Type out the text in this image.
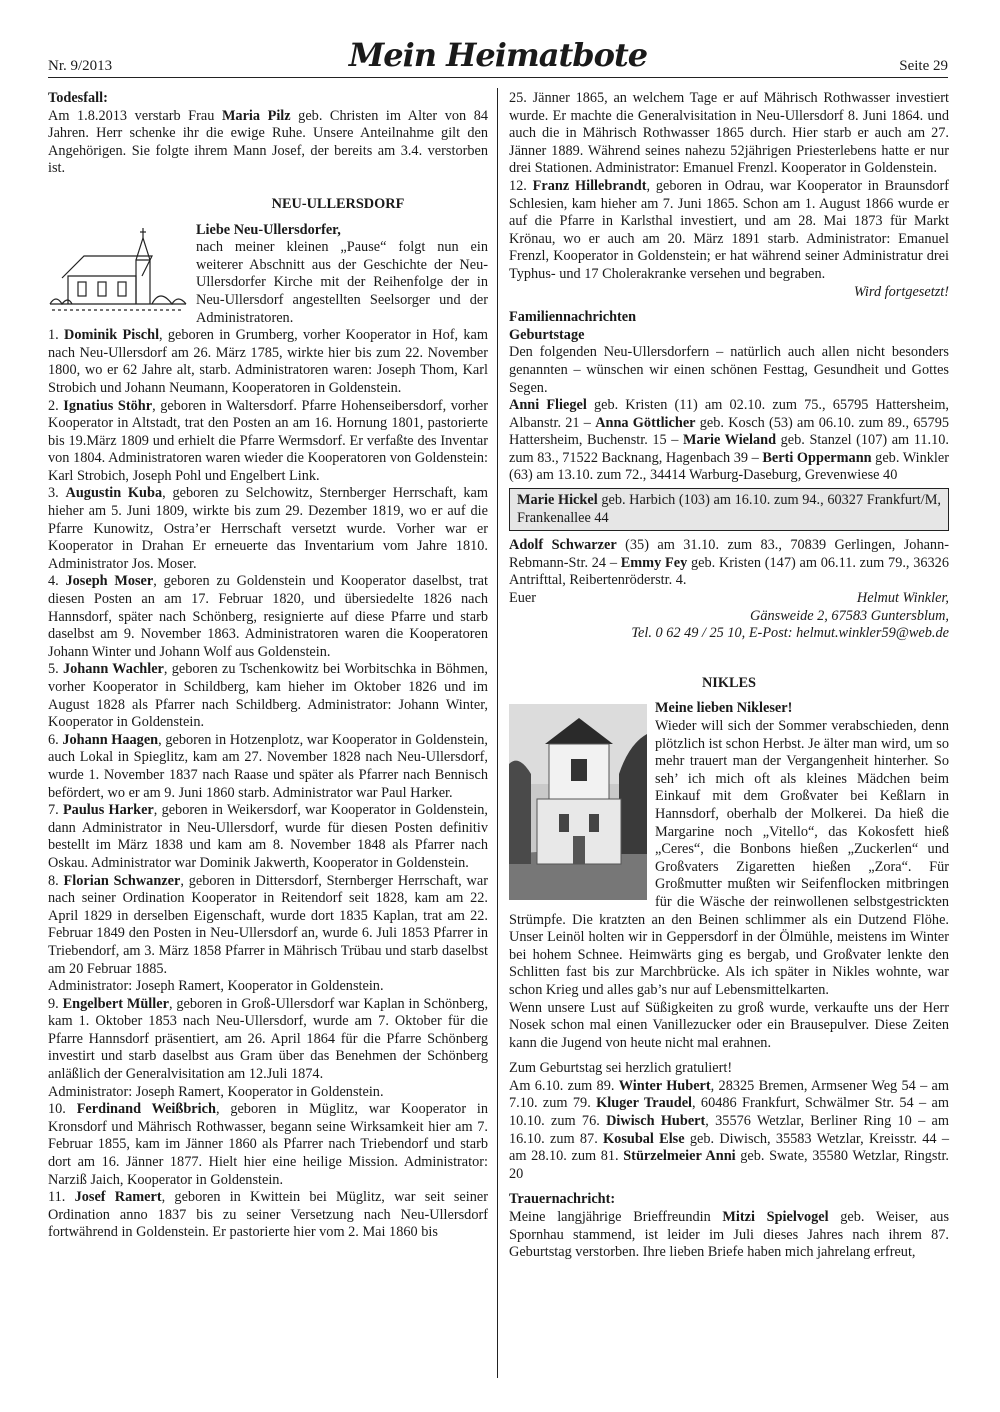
Nr. 9/2013	Mein Heimatbote	Seite 29

Todesfall:

Am 1.8.2013 verstarb Frau Maria Pilz geb. Christen im Alter von 84 Jahren. Herr schenke ihr die ewige Ruhe. Unsere Anteilnahme gilt den Angehörigen. Sie folgte ihrem Mann Josef, der bereits am 3.4. verstorben ist.

NEU-ULLERSDORF

Liebe Neu-Ullersdorfer,

nach meiner kleinen „Pause“ folgt nun ein weiterer Abschnitt aus der Geschichte der Neu-Ullersdorfer Kirche mit der Reihenfolge der in Neu-Ullersdorf angestellten Seelsorger und der Administratoren.

1. Dominik Pischl, geboren in Grumberg, vorher Kooperator in Hof, kam nach Neu-Ullersdorf am 26. März 1785, wirkte hier bis zum 22. November 1800, wo er 62 Jahre alt, starb. Administratoren waren: Joseph Thom, Karl Strobich und Johann Neumann, Kooperatoren in Goldenstein.

2. Ignatius Stöhr, geboren in Waltersdorf. Pfarre Hohenseibersdorf, vorher Kooperator in Altstadt, trat den Posten an am 16. Hornung 1801, pastorierte bis 19.März 1809 und erhielt die Pfarre Wermsdorf. Er verfaßte des Inventar von 1804. Administratoren waren wieder die Kooperatoren von Goldenstein: Karl Strobich, Joseph Pohl und Engelbert Link.

3. Augustin Kuba, geboren zu Selchowitz, Sternberger Herrschaft, kam hieher am 5. Juni 1809, wirkte bis zum 29. Dezember 1819, wo er auf die Pfarre Kunowitz, Ostra’er Herrschaft versetzt wurde. Vorher war er Kooperator in Drahan Er erneuerte das Inventarium vom Jahre 1810. Administrator Jos. Moser.

4. Joseph Moser, geboren zu Goldenstein und Kooperator daselbst, trat diesen Posten an am 17. Februar 1820, und übersiedelte 1826 nach Hannsdorf, später nach Schönberg, resignierte auf diese Pfarre und starb daselbst am 9. November 1863. Administratoren waren die Kooperatoren Johann Winter und Johann Wolf aus Goldenstein.

5. Johann Wachler, geboren zu Tschenkowitz bei Worbitschka in Böhmen, vorher Kooperator in Schildberg, kam hieher im Oktober 1826 und im August 1828 als Pfarrer nach Schildberg. Administrator: Johann Winter, Kooperator in Goldenstein.

6. Johann Haagen, geboren in Hotzenplotz, war Kooperator in Goldenstein, auch Lokal in Spieglitz, kam am 27. November 1828 nach Neu-Ullersdorf, wurde 1. November 1837 nach Raase und später als Pfarrer nach Bennisch befördert, wo er am 9. Juni 1860 starb. Administrator war Paul Harker.

7. Paulus Harker, geboren in Weikersdorf, war Kooperator in Goldenstein, dann Administrator in Neu-Ullersdorf, wurde für diesen Posten definitiv bestellt im März 1838 und kam am 8. November 1848 als Pfarrer nach Oskau. Administrator war Dominik Jakwerth, Kooperator in Goldenstein.

8. Florian Schwanzer, geboren in Dittersdorf, Sternberger Herrschaft, war nach seiner Ordination Kooperator in Reitendorf seit 1828, kam am 22. April 1829 in derselben Eigenschaft, wurde dort 1835 Kaplan, trat am 22. Februar 1849 den Posten in Neu-Ullersdorf an, wurde 6. Juli 1853 Pfarrer in Triebendorf, am 3. März 1858 Pfarrer in Mährisch Trübau und starb daselbst am 20 Februar 1885.

Administrator: Joseph Ramert, Kooperator in Goldenstein.

9. Engelbert Müller, geboren in Groß-Ullersdorf war Kaplan in Schönberg, kam 1. Oktober 1853 nach Neu-Ullersdorf, wurde am 7. Oktober für die Pfarre Hannsdorf präsentiert, am 26. April 1864 für die Pfarre Schönberg investirt und starb daselbst aus Gram über das Benehmen der Schönberg anläßlich der Generalvisitation am 12.Juli 1874.

Administrator: Joseph Ramert, Kooperator in Goldenstein.

10. Ferdinand Weißbrich, geboren in Müglitz, war Kooperator in Kronsdorf und Mährisch Rothwasser, begann seine Wirksamkeit hier am 7. Februar 1855, kam im Jänner 1860 als Pfarrer nach Triebendorf und starb dort am 16. Jänner 1877. Hielt hier eine heilige Mission. Administrator: Narziß Jaich, Kooperator in Goldenstein.

11. Josef Ramert, geboren in Kwittein bei Müglitz, war seit seiner Ordination anno 1837 bis zu seiner Versetzung nach Neu-Ullersdorf fortwährend in Goldenstein. Er pastorierte hier vom 2. Mai 1860 bis

25. Jänner 1865, an welchem Tage er auf Mährisch Rothwasser investiert wurde. Er machte die Generalvisitation in Neu-Ullersdorf 8. Juni 1864. und auch die in Mährisch Rothwasser 1865 durch. Hier starb er auch am 27. Jänner 1889. Während seines nahezu 52jährigen Priesterlebens hatte er nur drei Stationen. Administrator: Emanuel Frenzl. Kooperator in Goldenstein.

12. Franz Hillebrandt, geboren in Odrau, war Kooperator in Braunsdorf Schlesien, kam hieher am 7. Juni 1865. Schon am 1. August 1866 wurde er auf die Pfarre in Karlsthal investiert, und am 28. Mai 1873 für Markt Krönau, wo er auch am 20. März 1891 starb. Administrator: Emanuel Frenzl, Kooperator in Goldenstein; er hat während seiner Administratur drei Typhus- und 17 Cholerakranke versehen und begraben.

Wird fortgesetzt!

Familiennachrichten

Geburtstage

Den folgenden Neu-Ullersdorfern – natürlich auch allen nicht besonders genannten – wünschen wir einen schönen Festtag, Gesundheit und Gottes Segen.

Anni Fliegel geb. Kristen (11) am 02.10. zum 75., 65795 Hattersheim, Albanstr. 21 – Anna Göttlicher geb. Kosch (53) am 06.10. zum 89., 65795 Hattersheim, Buchenstr. 15 – Marie Wieland geb. Stanzel (107) am 11.10. zum 83., 71522 Backnang, Hagenbach 39 – Berti Oppermann geb. Winkler (63) am 13.10. zum 72., 34414 Warburg-Daseburg, Grevenwiese 40

Marie Hickel geb. Harbich (103) am 16.10. zum 94., 60327 Frankfurt/M, Frankenallee 44

Adolf Schwarzer (35) am 31.10. zum 83., 70839 Gerlingen, Johann-Rebmann-Str. 24 – Emmy Fey geb. Kristen (147) am 06.11. zum 79., 36326 Antrifttal, Reibertenröderstr. 4.

Euer	Helmut Winkler,

Gänsweide 2, 67583 Guntersblum,

Tel. 0 62 49 / 25 10, E-Post: helmut.winkler59@web.de

NIKLES

Meine lieben Nikleser!

Wieder will sich der Sommer verabschieden, denn plötzlich ist schon Herbst. Je älter man wird, um so mehr trauert man der Vergangenheit hinterher. So seh’ ich mich oft als kleines Mädchen beim Einkauf mit dem Großvater bei Keßlarn in Hannsdorf, oberhalb der Molkerei. Da hieß die Margarine noch „Vitello“, das Kokosfett hieß „Ceres“, die Bonbons hießen „Zuckerlen“ und Großvaters Zigaretten hießen „Zora“. Für Großmutter mußten wir Seifenflocken mitbringen für die Wäsche der reinwollenen selbstgestrickten Strümpfe. Die kratzten an den Beinen schlimmer als ein Dutzend Flöhe. Unser Leinöl holten wir in Geppersdorf in der Ölmühle, meistens im Winter bei hohem Schnee. Heimwärts ging es bergab, und Großvater lenkte den Schlitten fast bis zur Marchbrücke. Als ich später in Nikles wohnte, war schon Krieg und alles gab’s nur auf Lebensmittelkarten.

Wenn unsere Lust auf Süßigkeiten zu groß wurde, verkaufte uns der Herr Nosek schon mal einen Vanillezucker oder ein Brausepulver. Diese Zeiten kann die Jugend von heute nicht mal erahnen.

Zum Geburtstag sei herzlich gratuliert!

Am 6.10. zum 89. Winter Hubert, 28325 Bremen, Armsener Weg 54 – am 7.10. zum 79. Kluger Traudel, 60486 Frankfurt, Schwälmer Str. 54 – am 10.10. zum 76. Diwisch Hubert, 35576 Wetzlar, Berliner Ring 10 – am 16.10. zum 87. Kosubal Else geb. Diwisch, 35583 Wetzlar, Kreisstr. 44 – am 28.10. zum 81. Stürzelmeier Anni geb. Swate, 35580 Wetzlar, Ringstr. 20

Trauernachricht:

Meine langjährige Brieffreundin Mitzi Spielvogel geb. Weiser, aus Spornhau stammend, ist leider im Juli dieses Jahres nach ihrem 87. Geburtstag verstorben. Ihre lieben Briefe haben mich jahrelang erfreut,
